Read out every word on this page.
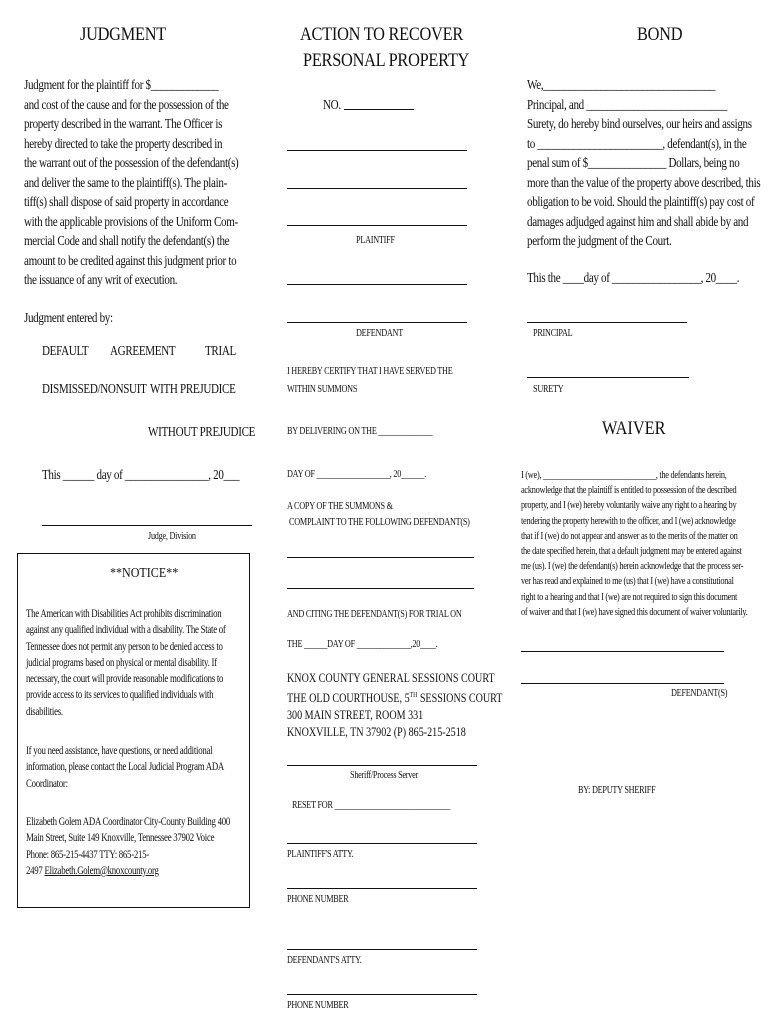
JUDGMENT
Judgment for the plaintiff for $_____________
and cost of the cause and for the possession of the
property described in the warrant. The Officer is
hereby directed to take the property described in
the warrant out of the possession of the defendant(s)
and deliver the same to the plaintiff(s). The plain-
tiff(s) shall dispose of said property in accordance
with the applicable provisions of the Uniform Com-
mercial Code and shall notify the defendant(s) the
amount to be credited against this judgment prior to
the issuance of any writ of execution.
Judgment entered by:
DEFAULT AGREEMENT TRIAL
DISMISSED/NONSUIT WITH PREJUDICE
WITHOUT PREJUDICE
This ______ day of ________________, 20___
Judge, Division
**NOTICE**
The American with Disabilities Act prohibits discrimination
against any qualified individual with a disability. The State of
Tennessee does not permit any person to be denied access to
judicial programs based on physical or mental disability. If
necessary, the court will provide reasonable modifications to
provide access to its services to qualified individuals with
disabilities.
If you need assistance, have questions, or need additional
information, please contact the Local Judicial Program ADA
Coordinator:
Elizabeth Golem ADA Coordinator City-County Building 400
Main Street, Suite 149 Knoxville, Tennessee 37902 Voice
Phone: 865-215-4437 TTY: 865-215-
2497 Elizabeth.Golem@knoxcounty.org
ACTION TO RECOVER
PERSONAL PROPERTY
NO.
PLAINTIFF
DEFENDANT
I HEREBY CERTIFY THAT I HAVE SERVED THE
WITHIN SUMMONS
BY DELIVERING ON THE ______________
DAY OF ___________________, 20______.
A COPY OF THE SUMMONS &
COMPLAINT TO THE FOLLOWING DEFENDANT(S)
AND CITING THE DEFENDANT(S) FOR TRIAL ON
THE ______DAY OF ______________,20____.
KNOX COUNTY GENERAL SESSIONS COURT
THE OLD COURTHOUSE, 5TH SESSIONS COURT
300 MAIN STREET, ROOM 331
KNOXVILLE, TN 37902 (P) 865-215-2518
Sheriff/Process Server
RESET FOR ______________________________
PLAINTIFF'S ATTY.
PHONE NUMBER
DEFENDANT'S ATTY.
PHONE NUMBER
BOND
We,_________________________________
Principal, and ___________________________
Surety, do hereby bind ourselves, our heirs and assigns
to ________________________, defendant(s), in the
penal sum of $_______________ Dollars, being no
more than the value of the property above described, this
obligation to be void. Should the plaintiff(s) pay cost of
damages adjudged against him and shall abide by and
perform the judgment of the Court.
This the ____day of _________________, 20____.
PRINCIPAL
SURETY
WAIVER
I (we), _____________________________, the defendants herein,
acknowledge that the plaintiff is entitled to possession of the described
property, and I (we) hereby voluntarily waive any right to a hearing by
tendering the property herewith to the officer, and I (we) acknowledge
that if I (we) do not appear and answer as to the merits of the matter on
the date specified herein, that a default judgment may be entered against
me (us). I (we) the defendant(s) herein acknowledge that the process ser-
ver has read and explained to me (us) that I (we) have a constitutional
right to a hearing and that I (we) are not required to sign this document
of waiver and that I (we) have signed this document of waiver voluntarily.
DEFENDANT(S)
BY: DEPUTY SHERIFF
